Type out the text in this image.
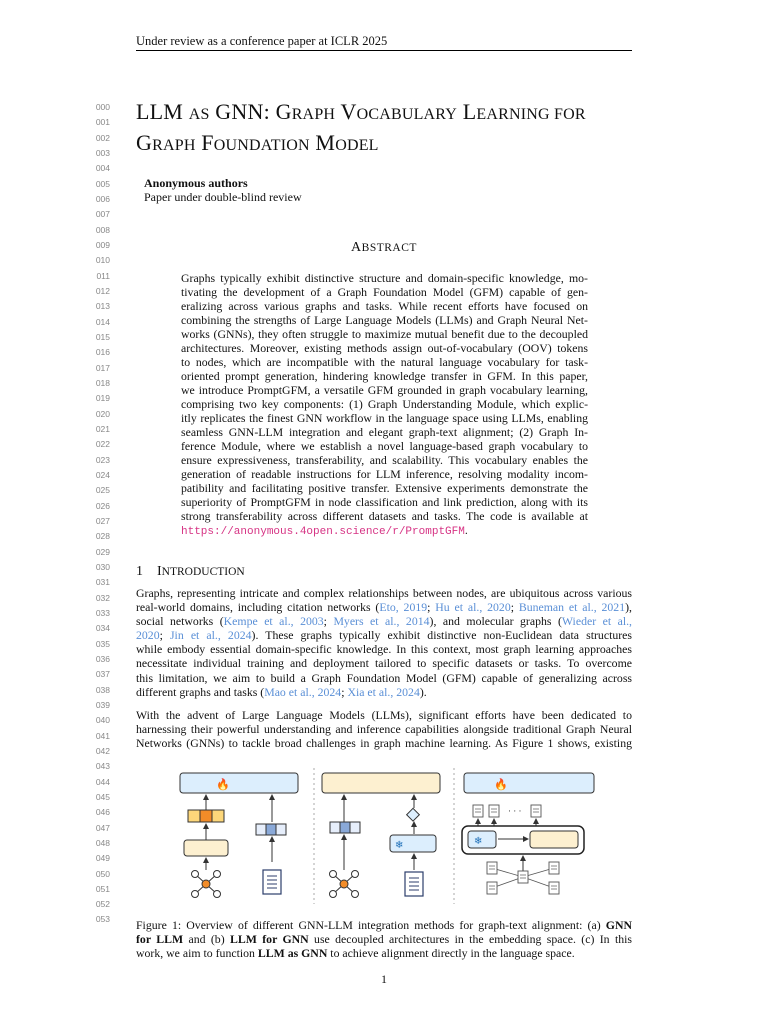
Under review as a conference paper at ICLR 2025
000
001
002
003
004
005
006
007
008
009
010
011
012
013
014
015
016
017
018
019
020
021
022
023
024
025
026
027
028
029
030
031
032
033
034
035
036
037
038
039
040
041
042
043
044
045
046
047
048
049
050
051
052
053
LLM AS GNN: GRAPH VOCABULARY LEARNING FOR
GRAPH FOUNDATION MODEL
Anonymous authors
Paper under double-blind review
ABSTRACT
Graphs typically exhibit distinctive structure and domain-specific knowledge, mo-
tivating the development of a Graph Foundation Model (GFM) capable of gen-
eralizing across various graphs and tasks. While recent efforts have focused on
combining the strengths of Large Language Models (LLMs) and Graph Neural Net-
works (GNNs), they often struggle to maximize mutual benefit due to the decoupled
architectures. Moreover, existing methods assign out-of-vocabulary (OOV) tokens
to nodes, which are incompatible with the natural language vocabulary for task-
oriented prompt generation, hindering knowledge transfer in GFM. In this paper,
we introduce PromptGFM, a versatile GFM grounded in graph vocabulary learning,
comprising two key components: (1) Graph Understanding Module, which explic-
itly replicates the finest GNN workflow in the language space using LLMs, enabling
seamless GNN-LLM integration and elegant graph-text alignment; (2) Graph In-
ference Module, where we establish a novel language-based graph vocabulary to
ensure expressiveness, transferability, and scalability. This vocabulary enables the
generation of readable instructions for LLM inference, resolving modality incom-
patibility and facilitating positive transfer. Extensive experiments demonstrate the
superiority of PromptGFM in node classification and link prediction, along with its
strong transferability across different datasets and tasks. The code is available at
https://anonymous.4open.science/r/PromptGFM.
1 INTRODUCTION
Graphs, representing intricate and complex relationships between nodes, are ubiquitous across various
real-world domains, including citation networks (Eto, 2019; Hu et al., 2020; Buneman et al., 2021),
social networks (Kempe et al., 2003; Myers et al., 2014), and molecular graphs (Wieder et al.,
2020; Jin et al., 2024). These graphs typically exhibit distinctive non-Euclidean data structures
while embody essential domain-specific knowledge. In this context, most graph learning approaches
necessitate individual training and deployment tailored to specific datasets or tasks. To overcome
this limitation, we aim to build a Graph Foundation Model (GFM) capable of generalizing across
different graphs and tasks (Mao et al., 2024; Xia et al., 2024).
With the advent of Large Language Models (LLMs), significant efforts have been dedicated to
harnessing their powerful understanding and inference capabilities alongside traditional Graph Neural
Networks (GNNs) to tackle broad challenges in graph machine learning. As Figure 1 shows, existing
🔥
❄
🔥
· · ·
❄
Figure 1: Overview of different GNN-LLM integration methods for graph-text alignment: (a) GNN
for LLM and (b) LLM for GNN use decoupled architectures in the embedding space. (c) In this
work, we aim to function LLM as GNN to achieve alignment directly in the language space.
1
